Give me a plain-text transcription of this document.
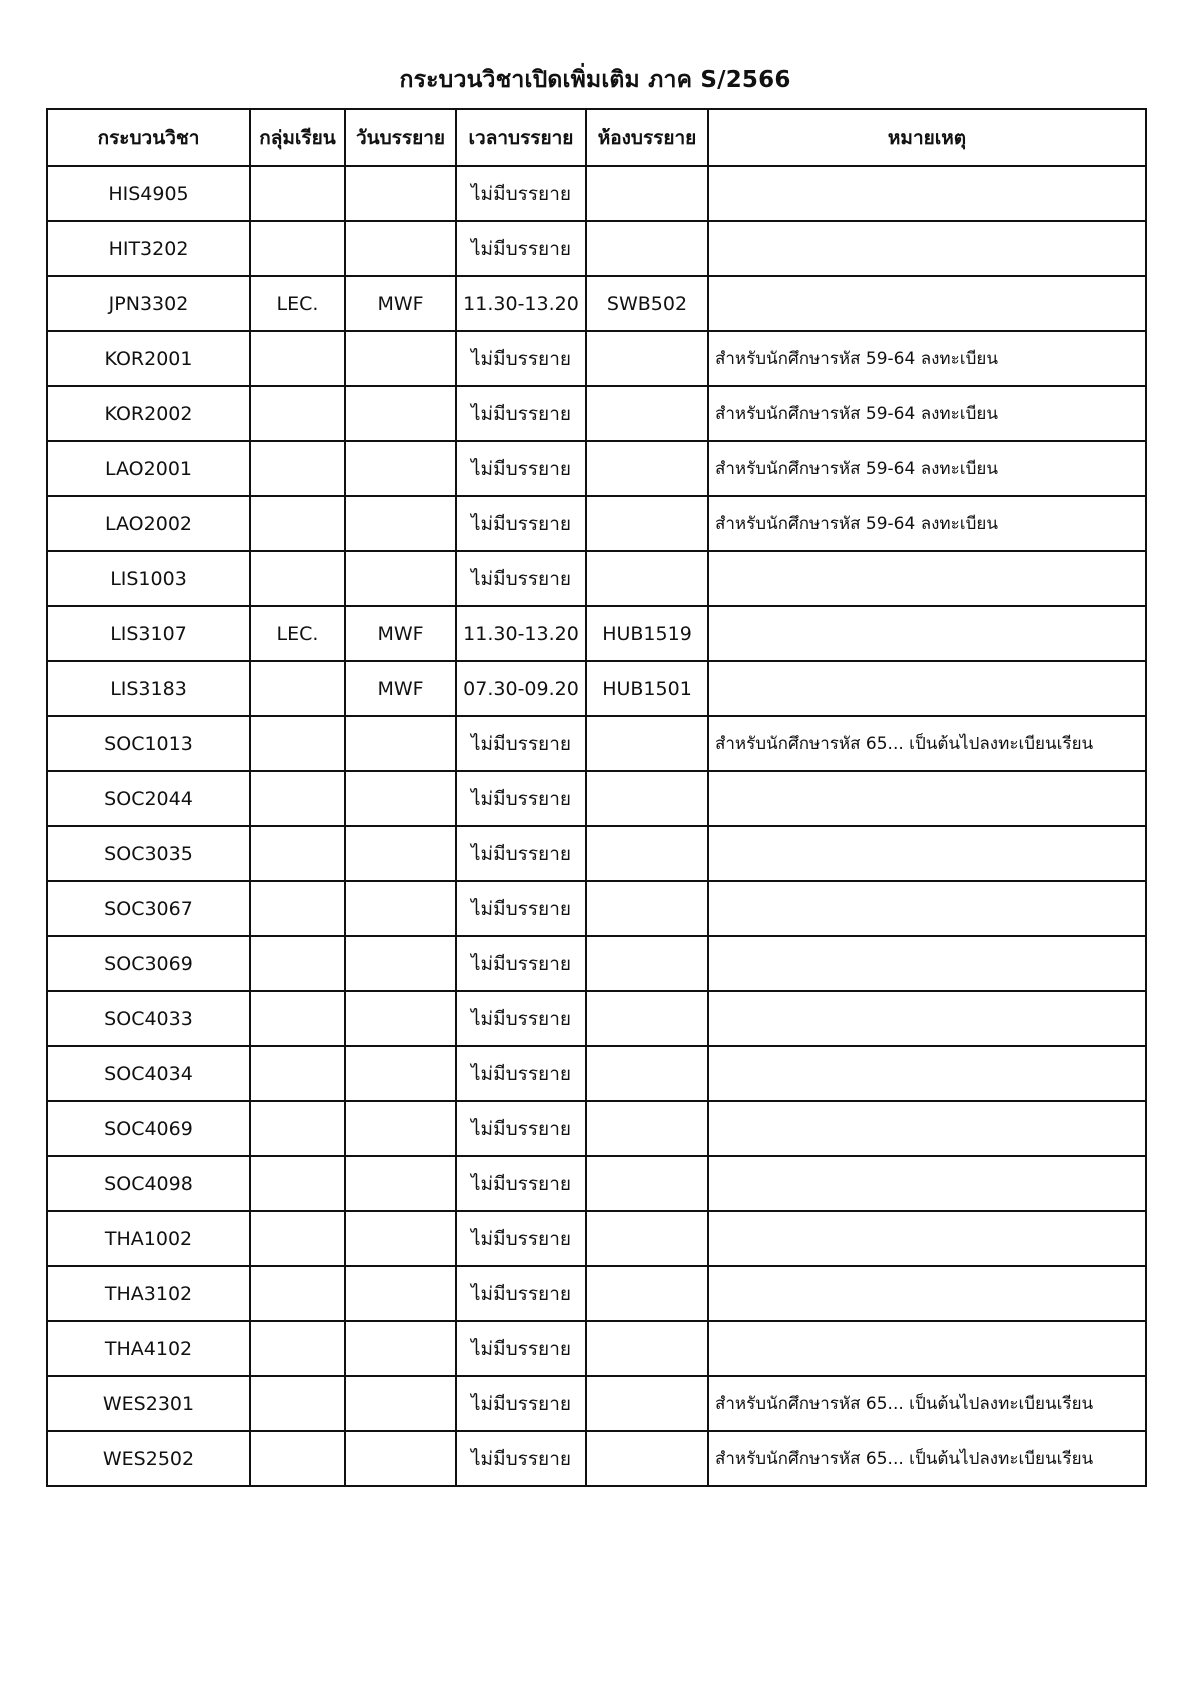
กระบวนวิชาเปิดเพิ่มเติม ภาค S/2566
กระบวนวิชา	กลุ่มเรียน	วันบรรยาย	เวลาบรรยาย	ห้องบรรยาย	หมายเหตุ
HIS4905			ไม่มีบรรยาย		
HIT3202			ไม่มีบรรยาย		
JPN3302	LEC.	MWF	11.30-13.20	SWB502	
KOR2001			ไม่มีบรรยาย		สำหรับนักศึกษารหัส 59-64 ลงทะเบียน
KOR2002			ไม่มีบรรยาย		สำหรับนักศึกษารหัส 59-64 ลงทะเบียน
LAO2001			ไม่มีบรรยาย		สำหรับนักศึกษารหัส 59-64 ลงทะเบียน
LAO2002			ไม่มีบรรยาย		สำหรับนักศึกษารหัส 59-64 ลงทะเบียน
LIS1003			ไม่มีบรรยาย		
LIS3107	LEC.	MWF	11.30-13.20	HUB1519	
LIS3183		MWF	07.30-09.20	HUB1501	
SOC1013			ไม่มีบรรยาย		สำหรับนักศึกษารหัส 65... เป็นต้นไปลงทะเบียนเรียน
SOC2044			ไม่มีบรรยาย		
SOC3035			ไม่มีบรรยาย		
SOC3067			ไม่มีบรรยาย		
SOC3069			ไม่มีบรรยาย		
SOC4033			ไม่มีบรรยาย		
SOC4034			ไม่มีบรรยาย		
SOC4069			ไม่มีบรรยาย		
SOC4098			ไม่มีบรรยาย		
THA1002			ไม่มีบรรยาย		
THA3102			ไม่มีบรรยาย		
THA4102			ไม่มีบรรยาย		
WES2301			ไม่มีบรรยาย		สำหรับนักศึกษารหัส 65... เป็นต้นไปลงทะเบียนเรียน
WES2502			ไม่มีบรรยาย		สำหรับนักศึกษารหัส 65... เป็นต้นไปลงทะเบียนเรียน
